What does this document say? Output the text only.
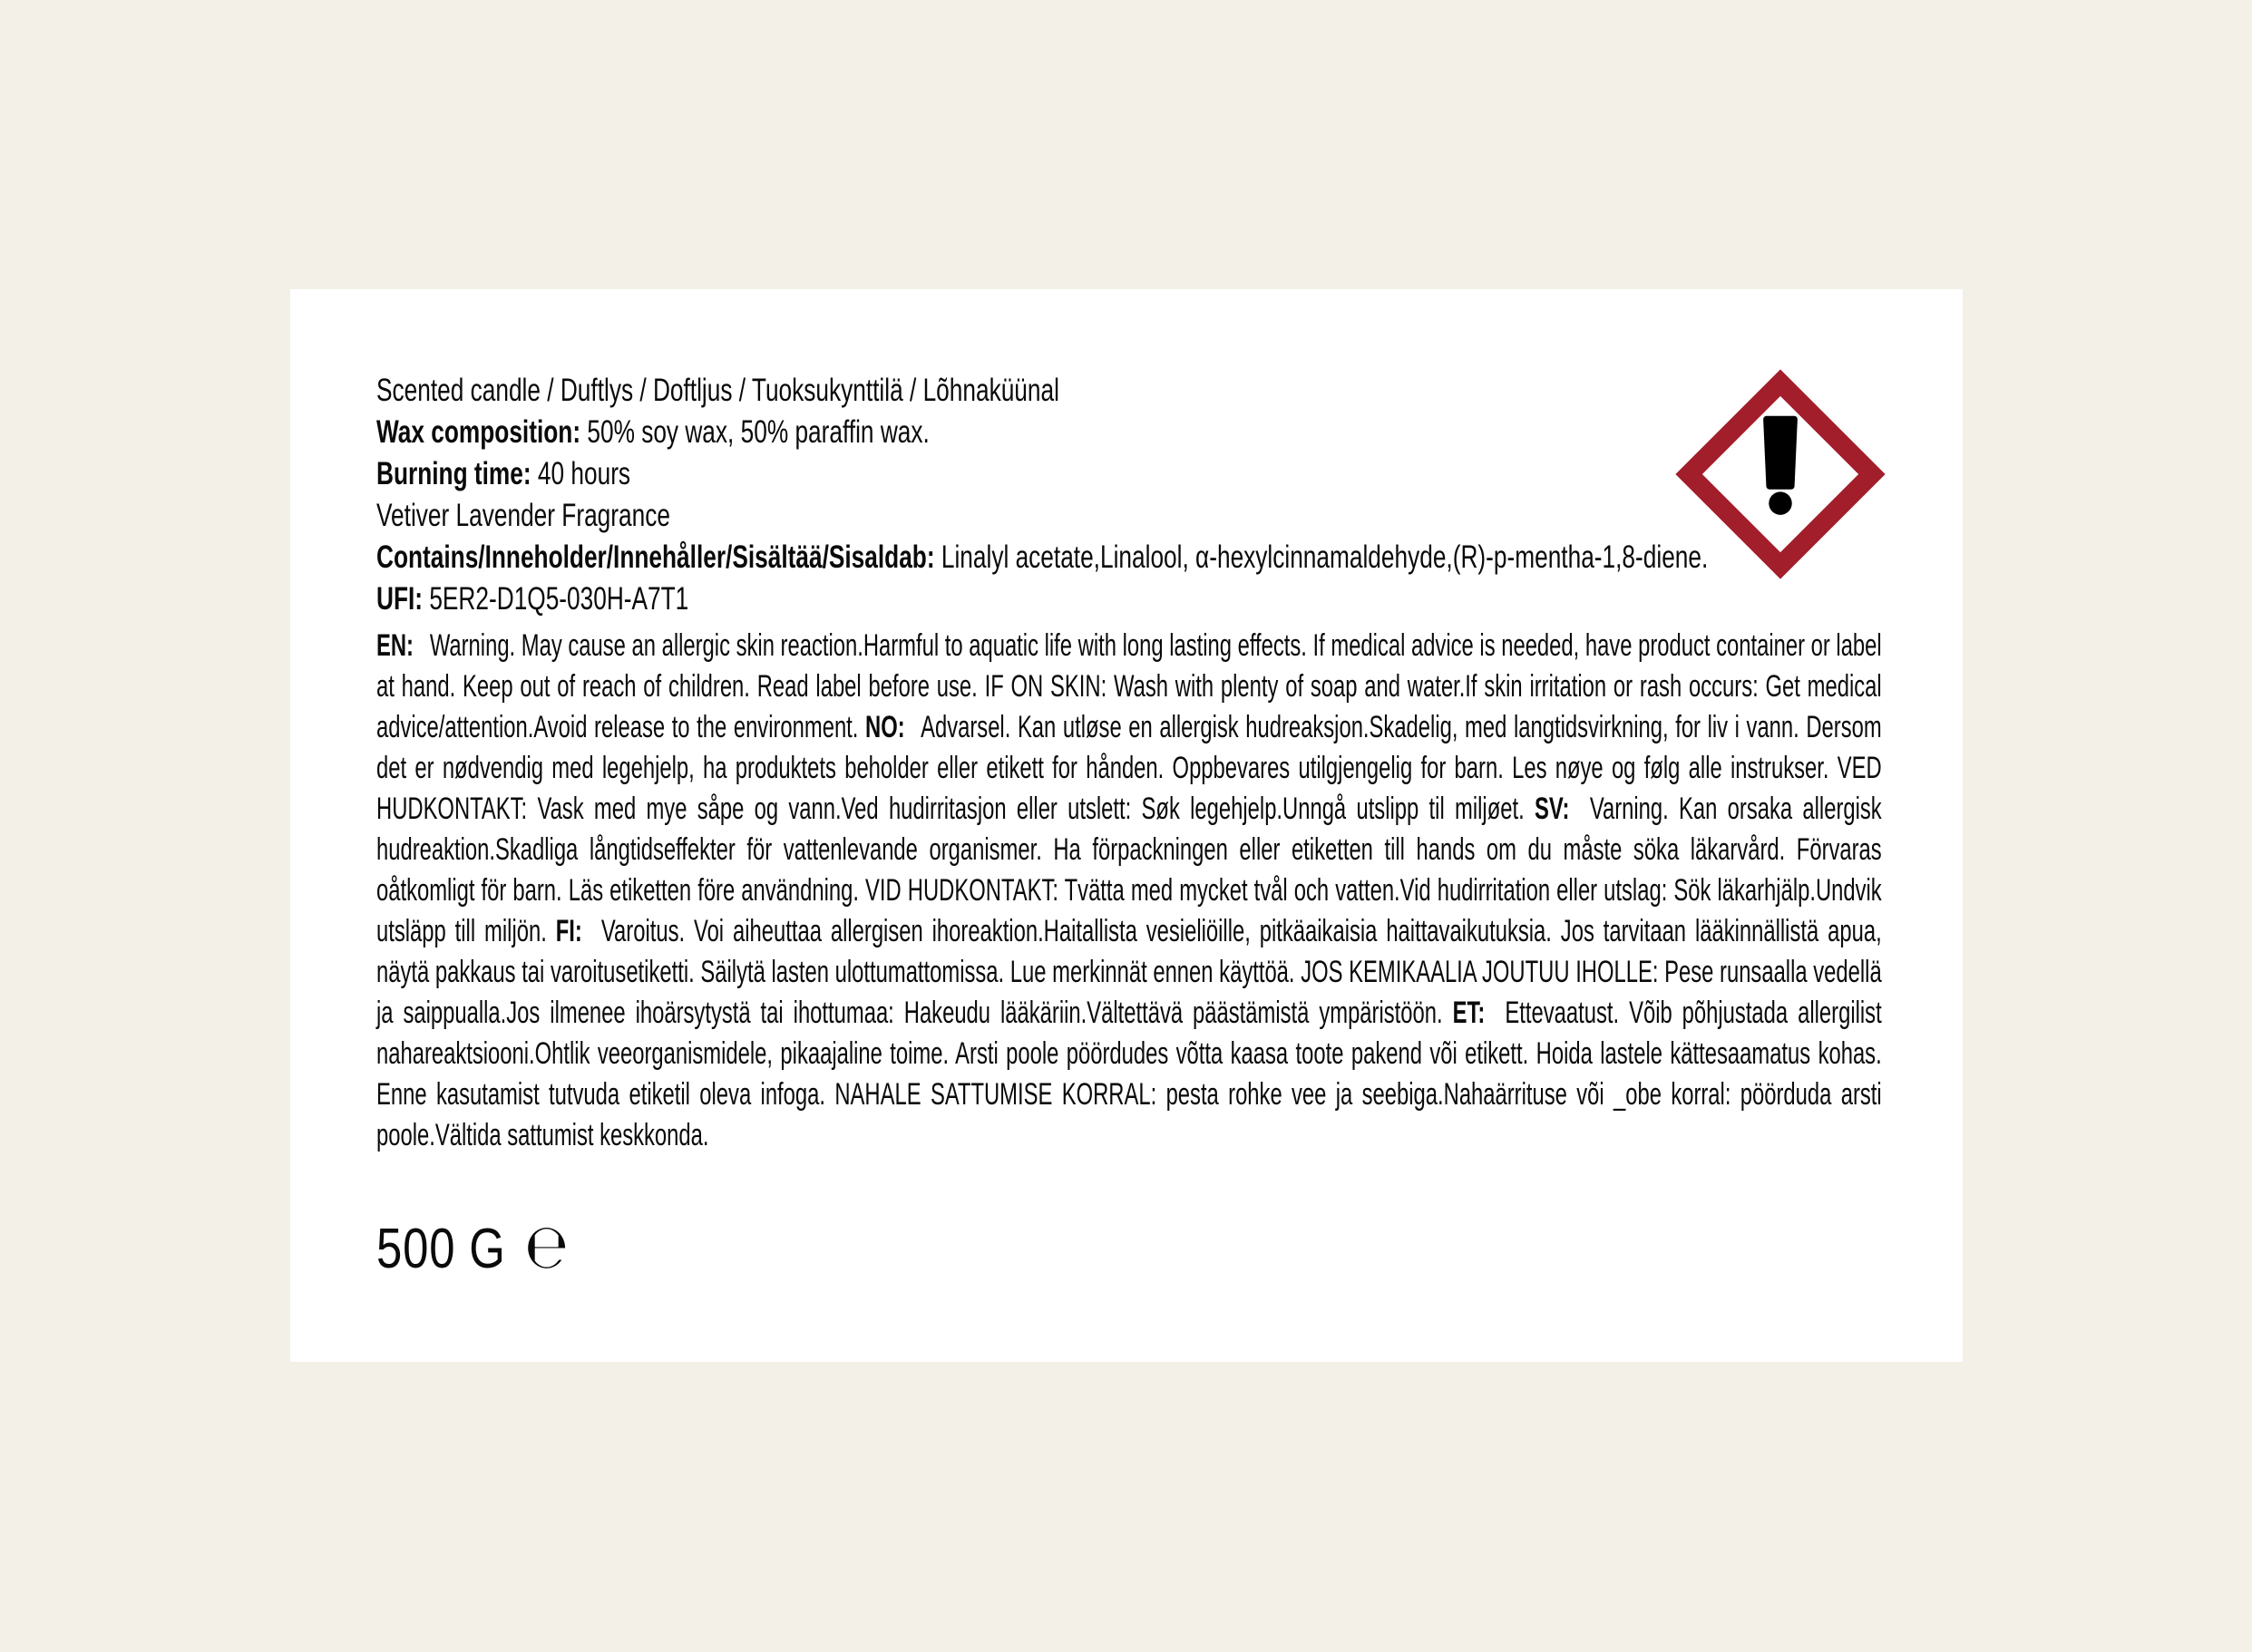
Scented candle / Duftlys / Doftljus / Tuoksukynttilä / Lõhnaküünal
Wax composition: 50% soy wax, 50% paraffin wax.
Burning time: 40 hours
Vetiver Lavender Fragrance
Contains/Inneholder/Innehåller/Sisältää/Sisaldab: Linalyl acetate,Linalool, α-hexylcinnamaldehyde,(R)-p-mentha-1,8-diene.
UFI: 5ER2-D1Q5-030H-A7T1
EN: Warning. May cause an allergic skin reaction.Harmful to aquatic life with long lasting effects. If medical advice is needed, have product container or label at hand. Keep out of reach of children. Read label before use. IF ON SKIN: Wash with plenty of soap and water.If skin irritation or rash occurs: Get medical advice/attention.Avoid release to the environment. NO: Advarsel. Kan utløse en allergisk hudreaksjon.Skadelig, med langtidsvirkning, for liv i vann. Dersom det er nødvendig med legehjelp, ha produktets beholder eller etikett for hånden. Oppbevares utilgjengelig for barn. Les nøye og følg alle instrukser. VED HUDKONTAKT: Vask med mye såpe og vann.Ved hudirritasjon eller utslett: Søk legehjelp.Unngå utslipp til miljøet. SV: Varning. Kan orsaka allergisk hudreaktion.Skadliga långtidseffekter för vattenlevande organismer. Ha förpackningen eller etiketten till hands om du måste söka läkarvård. Förvaras oåtkomligt för barn. Läs etiketten före användning. VID HUDKONTAKT: Tvätta med mycket tvål och vatten.Vid hudirritation eller utslag: Sök läkarhjälp.Undvik utsläpp till miljön. FI: Varoitus. Voi aiheuttaa allergisen ihoreaktion.Haitallista vesieliöille, pitkäaikaisia haittavaikutuksia. Jos tarvitaan lääkinnällistä apua, näytä pakkaus tai varoitusetiketti. Säilytä lasten ulottumattomissa. Lue merkinnät ennen käyttöä. JOS KEMIKAALIA JOUTUU IHOLLE: Pese runsaalla vedellä ja saippualla.Jos ilmenee ihoärsytystä tai ihottumaa: Hakeudu lääkäriin.Vältettävä päästämistä ympäristöön. ET: Ettevaatust. Võib põhjustada allergilist nahareaktsiooni.Ohtlik veeorganismidele, pikaajaline toime. Arsti poole pöördudes võtta kaasa toote pakend või etikett. Hoida lastele kättesaamatus kohas. Enne kasutamist tutvuda etiketil oleva infoga. NAHALE SATTUMISE KORRAL: pesta rohke vee ja seebiga.Nahaärrituse või _obe korral: pöörduda arsti poole.Vältida sattumist keskkonda.
500 G ℮
